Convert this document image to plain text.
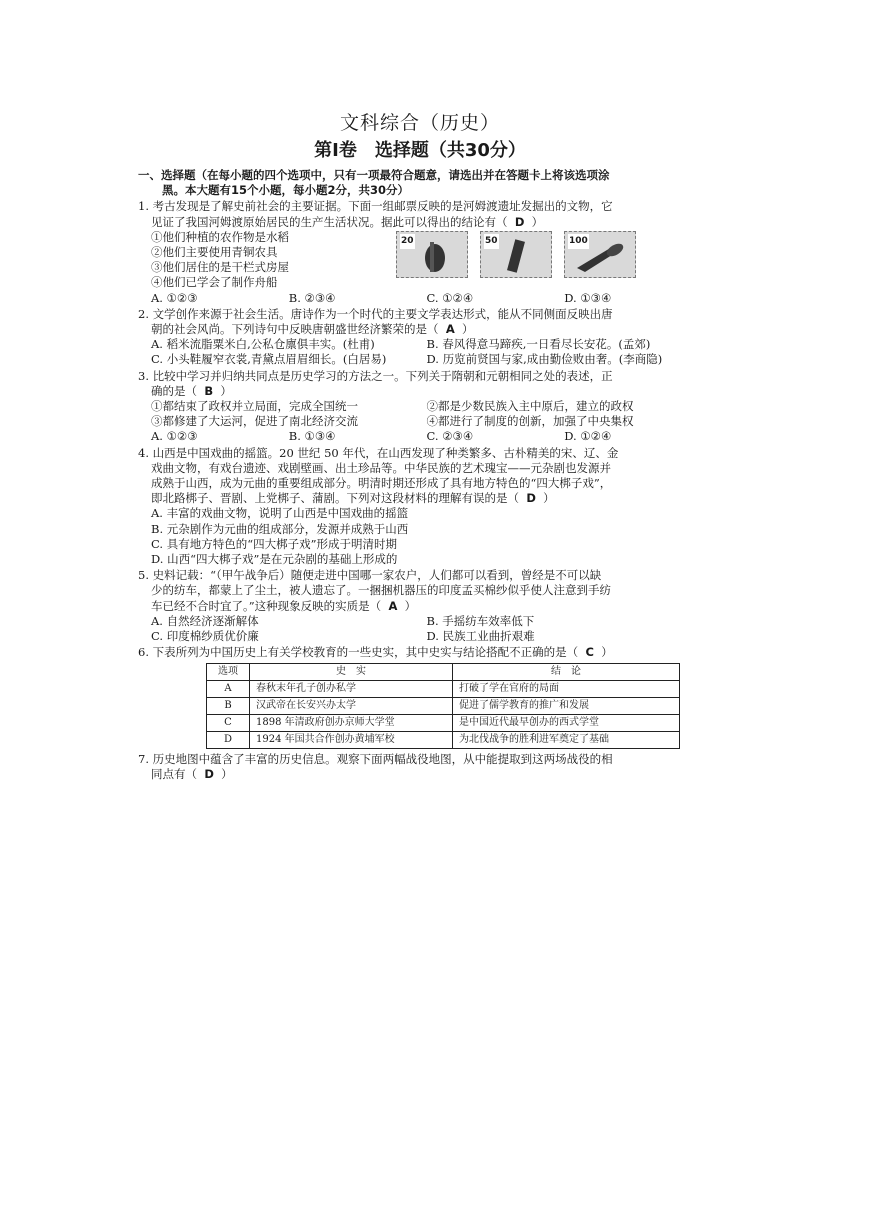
文科综合（历史）
第Ⅰ卷　选择题（共30分）
一、选择题（在每小题的四个选项中，只有一项最符合题意，请选出并在答题卡上将该选项涂
黑。本大题有15个小题，每小题2分，共30分）
1. 考古发现是了解史前社会的主要证据。下面一组邮票反映的是河姆渡遗址发掘出的文物，它
见证了我国河姆渡原始居民的生产生活状况。据此可以得出的结论有（ D ）
①他们种植的农作物是水稻
②他们主要使用青铜农具
③他们居住的是干栏式房屋
④他们已学会了制作舟船
20	50	100
A. ①②③	B. ②③④	C. ①②④	D. ①③④
2. 文学创作来源于社会生活。唐诗作为一个时代的主要文学表达形式，能从不同侧面反映出唐
朝的社会风尚。下列诗句中反映唐朝盛世经济繁荣的是（ A ）
A. 稻米流脂粟米白,公私仓廪俱丰实。(杜甫)	B. 春风得意马蹄疾,一日看尽长安花。(孟郊)
C. 小头鞋履窄衣裳,青黛点眉眉细长。(白居易)	D. 历览前贤国与家,成由勤俭败由奢。(李商隐)
3. 比较中学习并归纳共同点是历史学习的方法之一。下列关于隋朝和元朝相同之处的表述，正
确的是（ B ）
①都结束了政权并立局面，完成全国统一	②都是少数民族入主中原后，建立的政权
③都修建了大运河，促进了南北经济交流	④都进行了制度的创新，加强了中央集权
A. ①②③	B. ①③④	C. ②③④	D. ①②④
4. 山西是中国戏曲的摇篮。20 世纪 50 年代，在山西发现了种类繁多、古朴精美的宋、辽、金
戏曲文物，有戏台遗迹、戏剧壁画、出土珍品等。中华民族的艺术瑰宝——元杂剧也发源并
成熟于山西，成为元曲的重要组成部分。明清时期还形成了具有地方特色的“四大梆子戏”，
即北路梆子、晋剧、上党梆子、蒲剧。下列对这段材料的理解有误的是（ D ）
A. 丰富的戏曲文物，说明了山西是中国戏曲的摇篮
B. 元杂剧作为元曲的组成部分，发源并成熟于山西
C. 具有地方特色的“四大梆子戏”形成于明清时期
D. 山西“四大梆子戏”是在元杂剧的基础上形成的
5. 史料记载：“（甲午战争后）随便走进中国哪一家农户，人们都可以看到，曾经是不可以缺
少的纺车，都蒙上了尘土，被人遗忘了。一捆捆机器压的印度孟买棉纱似乎使人注意到手纺
车已经不合时宜了。”这种现象反映的实质是（ A ）
A. 自然经济逐渐解体	B. 手摇纺车效率低下
C. 印度棉纱质优价廉	D. 民族工业曲折艰难
6. 下表所列为中国历史上有关学校教育的一些史实，其中史实与结论搭配不正确的是（ C ）
选项	史　实	结　论
A	春秋末年孔子创办私学	打破了学在官府的局面
B	汉武帝在长安兴办太学	促进了儒学教育的推广和发展
C	1898 年清政府创办京师大学堂	是中国近代最早创办的西式学堂
D	1924 年国共合作创办黄埔军校	为北伐战争的胜利进军奠定了基础
7. 历史地图中蕴含了丰富的历史信息。观察下面两幅战役地图，从中能提取到这两场战役的相
同点有（ D ）
